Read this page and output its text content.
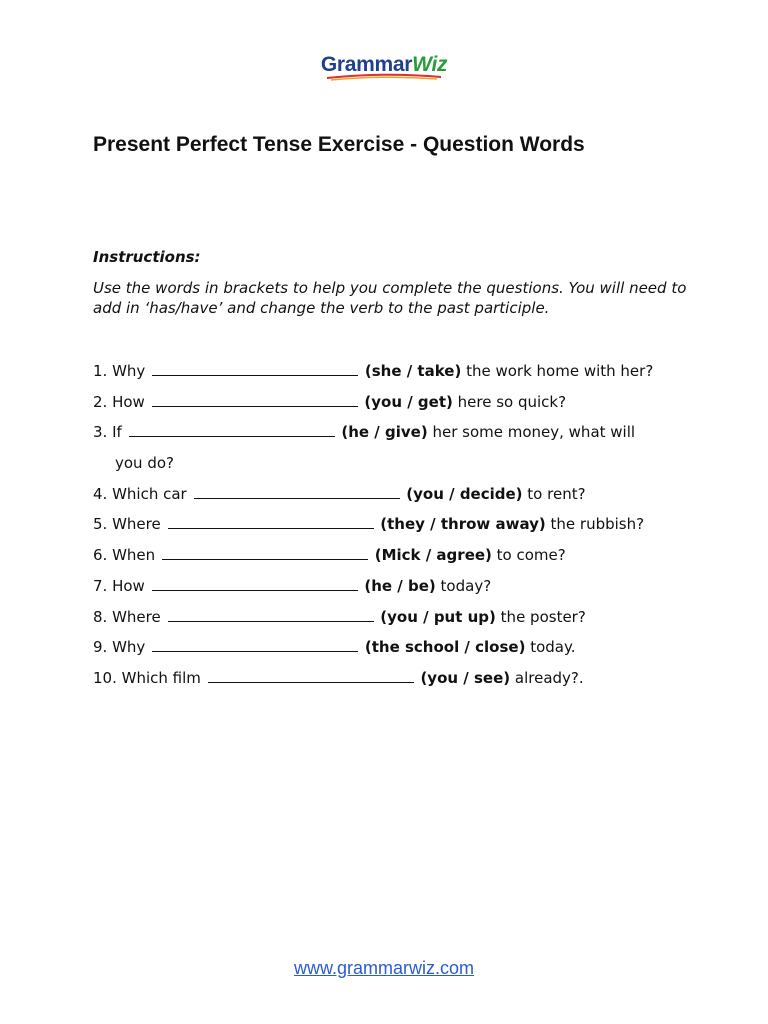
GrammarWiz
Present Perfect Tense Exercise - Question Words
Instructions:

Use the words in brackets to help you complete the questions. You will need to add in ‘has/have’ and change the verb to the past participle.

1. Why	(she / take) the work home with her?
2. How	(you / get) here so quick?
3. If	(he / give) her some money, what will
you do?
4. Which car	(you / decide) to rent?
5. Where	(they / throw away) the rubbish?
6. When	(Mick / agree) to come?
7. How	(he / be) today?
8. Where	(you / put up) the poster?
9. Why	(the school / close) today.
10. Which film	(you / see) already?.
www.grammarwiz.com
